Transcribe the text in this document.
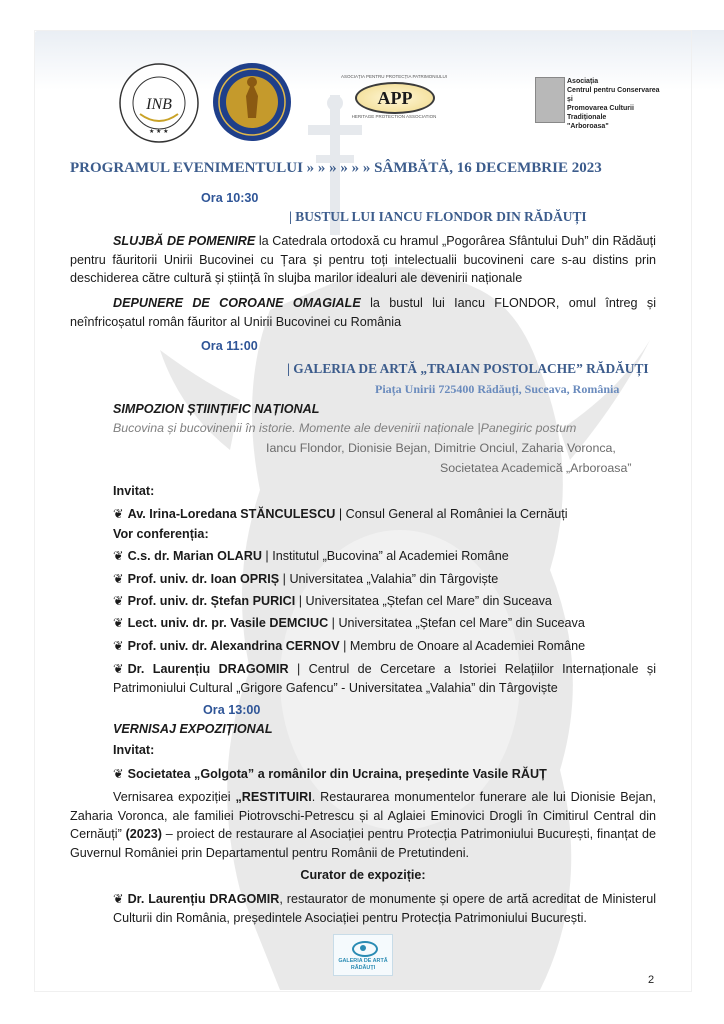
INB
★ ★ ★
ASOCIAȚIA PENTRU PROTECȚIA PATRIMONIULUI
APP
HERITAGE PROTECTION ASSOCIATION
Asociația
Centrul pentru Conservarea și
Promovarea Culturii
Tradiționale
"Arboroasa"
PROGRAMUL EVENIMENTULUI » » » » » » SÂMBĂTĂ, 16 DECEMBRIE 2023
Ora 10:30
| BUSTUL LUI IANCU FLONDOR DIN RĂDĂUȚI
SLUJBĂ DE POMENIRE la Catedrala ortodoxă cu hramul „Pogorârea Sfântului Duh” din Rădăuți pentru făuritorii Unirii Bucovinei cu Țara și pentru toți intelectualii bucovineni care s-au distins prin deschiderea către cultură și știință în slujba marilor idealuri ale devenirii naționale
DEPUNERE DE COROANE OMAGIALE la bustul lui Iancu FLONDOR, omul întreg și neînfricoșatul român făuritor al Unirii Bucovinei cu România
Ora 11:00
| GALERIA DE ARTĂ „TRAIAN POSTOLACHE” RĂDĂUȚI
Piața Unirii 725400 Rădăuți, Suceava, România
SIMPOZION ȘTIINȚIFIC NAȚIONAL
Bucovina și bucovinenii în istorie. Momente ale devenirii naționale |Panegiric postum
Iancu Flondor, Dionisie Bejan, Dimitrie Onciul, Zaharia Voronca,
Societatea Academică „Arboroasa”
Invitat:
❦ Av. Irina-Loredana STĂNCULESCU | Consul General al României la Cernăuți
Vor conferenția:
❦ C.s. dr. Marian OLARU | Institutul „Bucovina” al Academiei Române
❦ Prof. univ. dr. Ioan OPRIȘ | Universitatea „Valahia” din Târgoviște
❦ Prof. univ. dr. Ștefan PURICI | Universitatea „Ștefan cel Mare” din Suceava
❦ Lect. univ. dr. pr. Vasile DEMCIUC | Universitatea „Ștefan cel Mare” din Suceava
❦ Prof. univ. dr. Alexandrina CERNOV | Membru de Onoare al Academiei Române
❦ Dr. Laurențiu DRAGOMIR | Centrul de Cercetare a Istoriei Relațiilor Internaționale și Patrimoniului Cultural „Grigore Gafencu” - Universitatea „Valahia” din Târgoviște
Ora 13:00
VERNISAJ EXPOZIȚIONAL
Invitat:
❦ Societatea „Golgota” a românilor din Ucraina, președinte Vasile RĂUȚ
Vernisarea expoziției „RESTITUIRI. Restaurarea monumentelor funerare ale lui Dionisie Bejan, Zaharia Voronca, ale familiei Piotrovschi-Petrescu și al Aglaiei Eminovici Drogli în Cimitirul Central din Cernăuți” (2023) – proiect de restaurare al Asociației pentru Protecția Patrimoniului București, finanțat de Guvernul României prin Departamentul pentru Românii de Pretutindeni.
Curator de expoziție:
❦ Dr. Laurențiu DRAGOMIR, restaurator de monumente și opere de artă acreditat de Ministerul Culturii din România, președintele Asociației pentru Protecția Patrimoniului București.
GALERIA DE ARTĂ
RĂDĂUȚI
2
